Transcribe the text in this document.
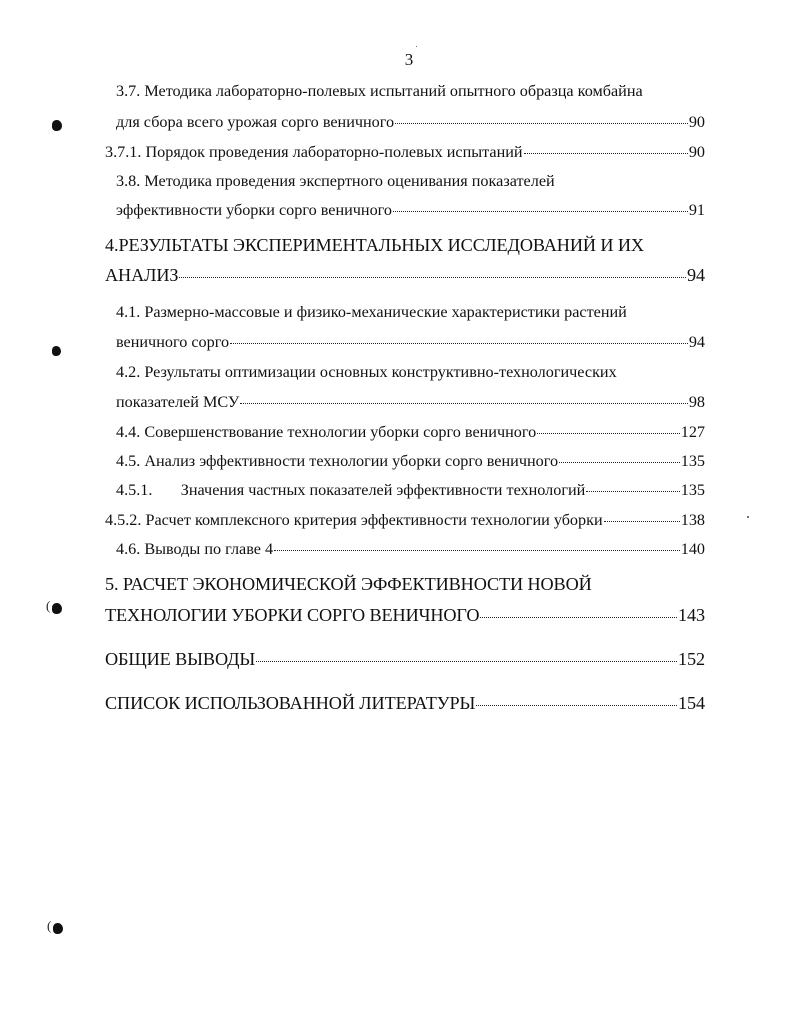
3
3.7. Методика лабораторно-полевых испытаний опытного образца комбайна
для сбора всего урожая сорго веничного	90
3.7.1. Порядок проведения лабораторно-полевых испытаний	90
3.8. Методика проведения экспертного оценивания показателей
эффективности уборки сорго веничного	91
4.РЕЗУЛЬТАТЫ ЭКСПЕРИМЕНТАЛЬНЫХ ИССЛЕДОВАНИЙ И ИХ
АНАЛИЗ	94
4.1. Размерно-массовые и физико-механические характеристики растений
веничного сорго	94
4.2. Результаты оптимизации основных конструктивно-технологических
показателей МСУ	98
4.4. Совершенствование технологии уборки сорго веничного	127
4.5. Анализ эффективности технологии уборки сорго веничного	135
4.5.1.       Значения частных показателей эффективности технологий	135
4.5.2. Расчет комплексного критерия эффективности технологии уборки	138
4.6. Выводы по главе 4	140
5. РАСЧЕТ ЭКОНОМИЧЕСКОЙ ЭФФЕКТИВНОСТИ НОВОЙ
ТЕХНОЛОГИИ УБОРКИ СОРГО ВЕНИЧНОГО	143
ОБЩИЕ ВЫВОДЫ	152
СПИСОК ИСПОЛЬЗОВАННОЙ ЛИТЕРАТУРЫ	154
(
(
